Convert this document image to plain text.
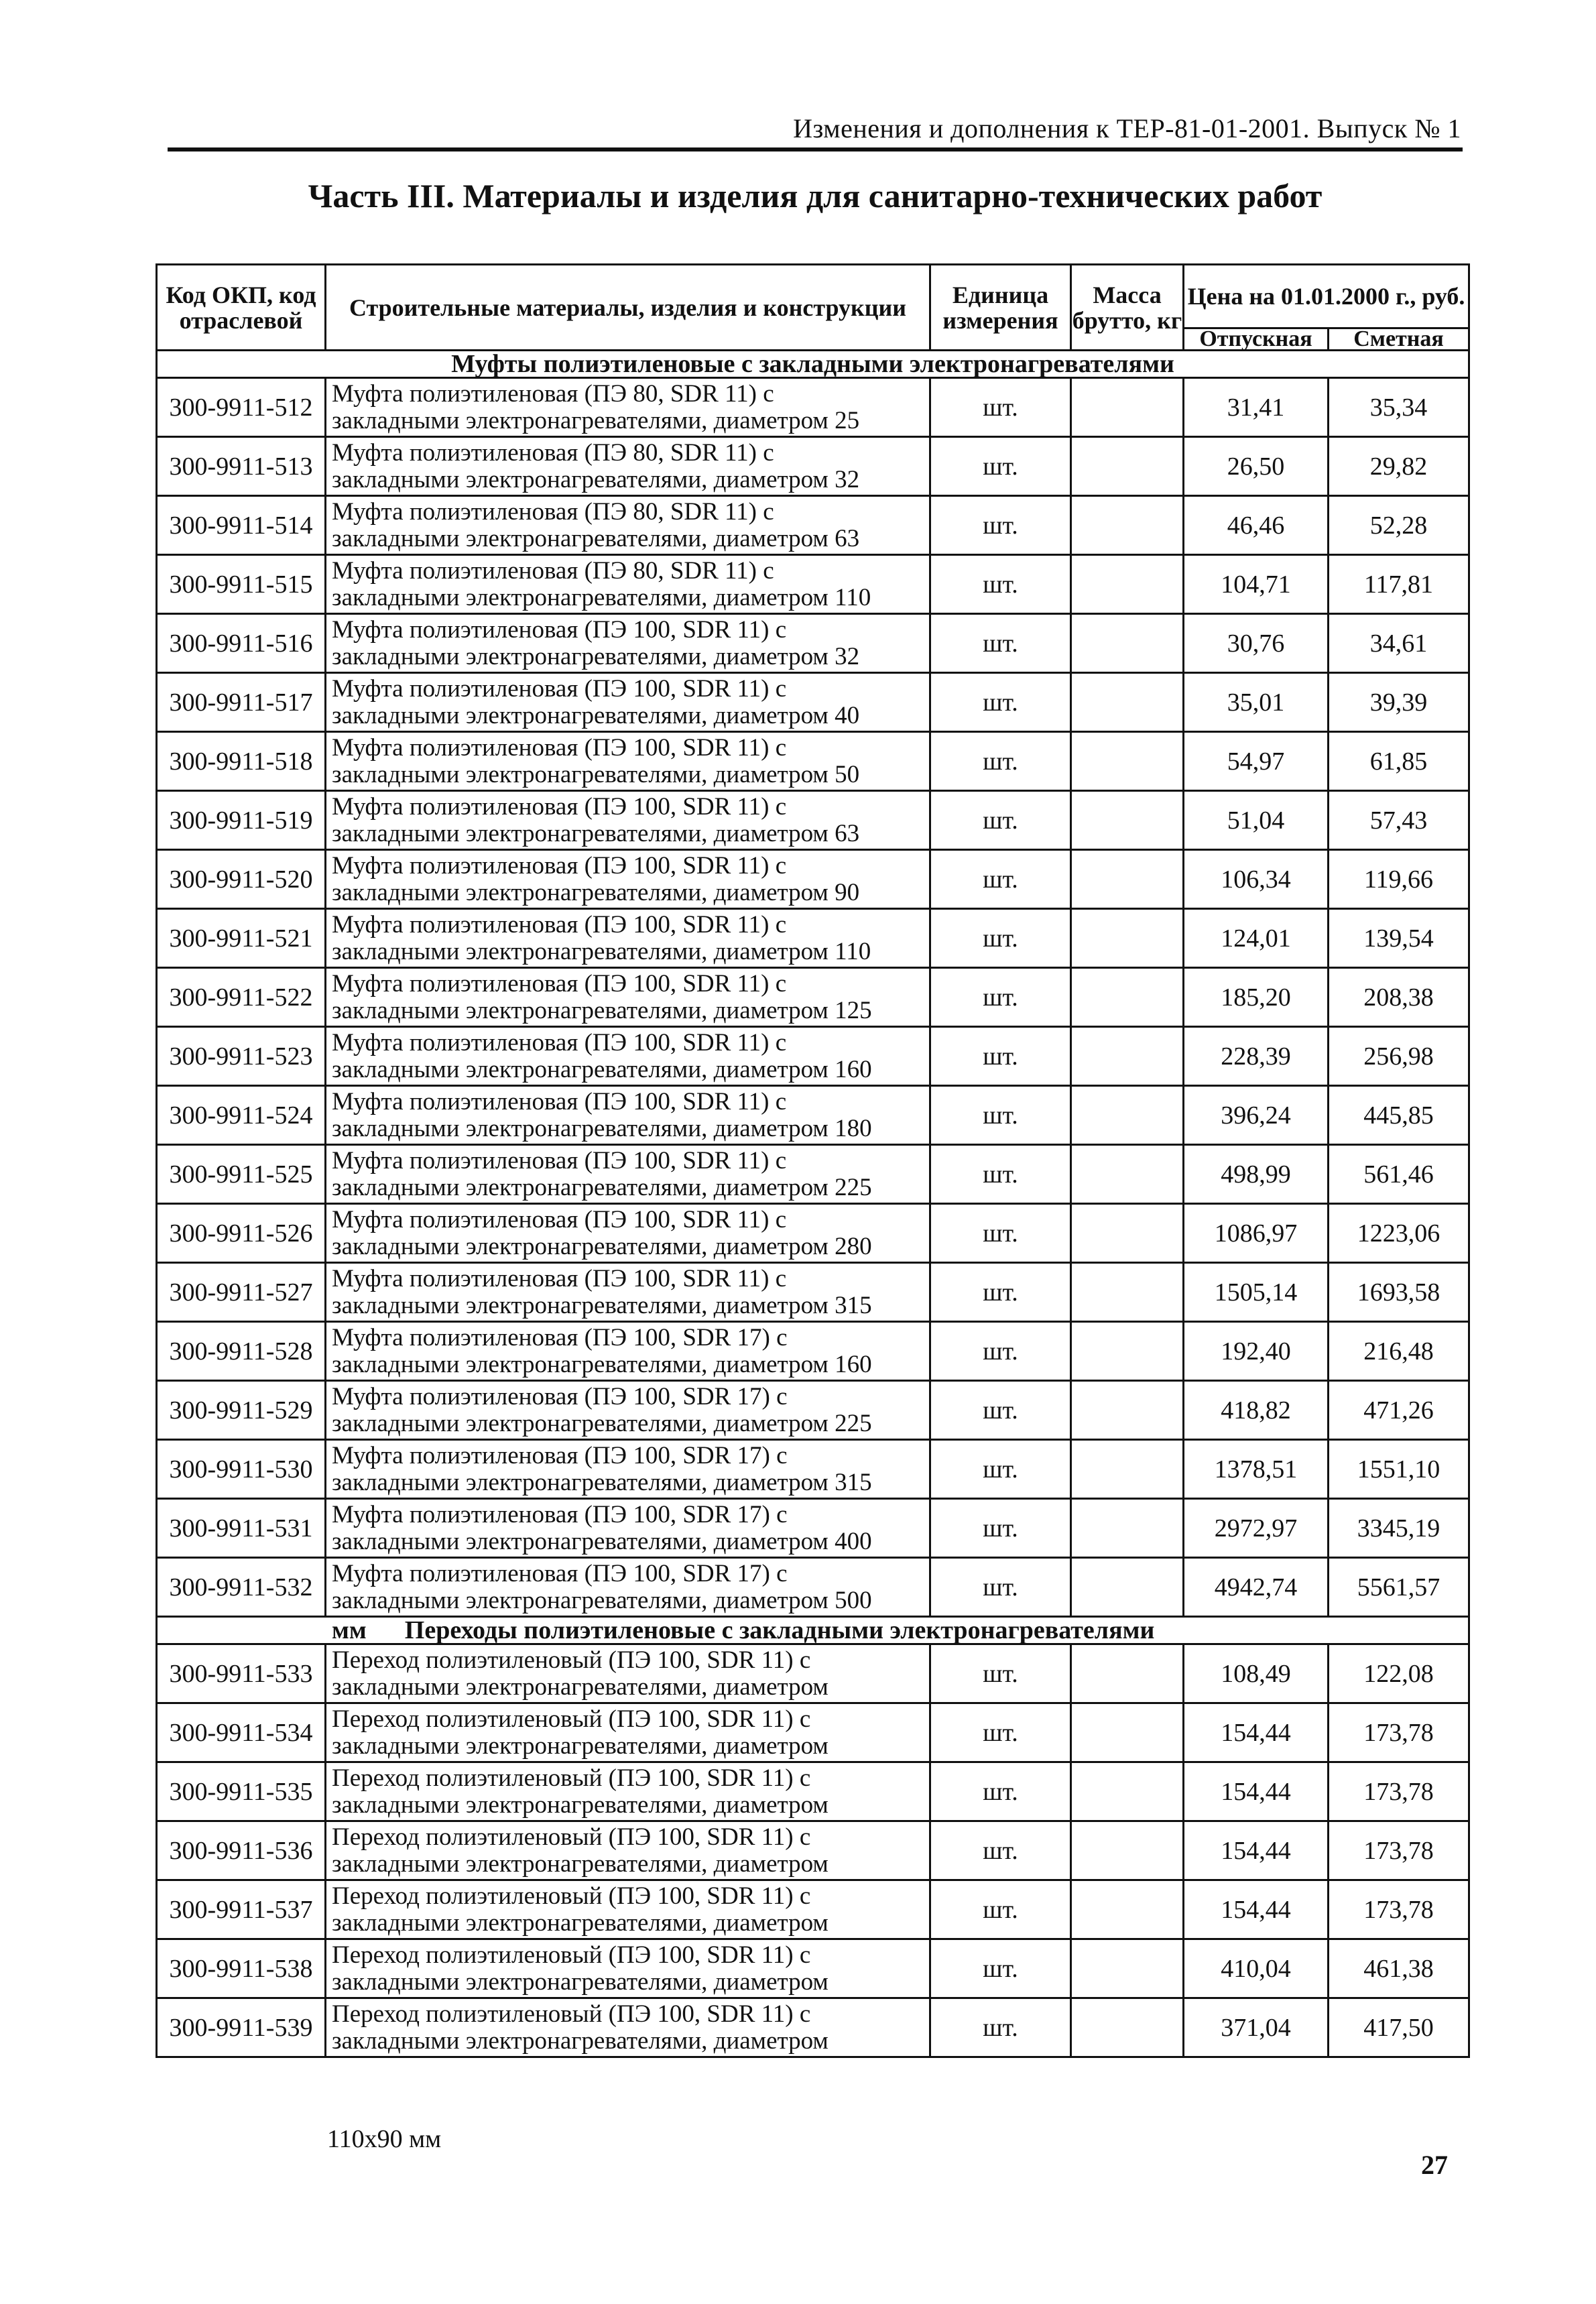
Изменения и дополнения к ТЕР-81-01-2001. Выпуск № 1
Часть III. Материалы и изделия для санитарно-технических работ
Код ОКП, код отраслевой	Строительные материалы, изделия и конструкции	Единица измерения	Масса брутто, кг	Цена на 01.01.2000 г., руб.	
				Отпускная	Сметная
Муфты полиэтиленовые с закладными электронагревателями					
300-9911-512	Муфта полиэтиленовая (ПЭ 80, SDR 11) с
закладными электронагревателями, диаметром 25	шт.		31,41	35,34
300-9911-513	Муфта полиэтиленовая (ПЭ 80, SDR 11) с
закладными электронагревателями, диаметром 32	шт.		26,50	29,82
300-9911-514	Муфта полиэтиленовая (ПЭ 80, SDR 11) с
закладными электронагревателями, диаметром 63	шт.		46,46	52,28
300-9911-515	Муфта полиэтиленовая (ПЭ 80, SDR 11) с
закладными электронагревателями, диаметром 110	шт.		104,71	117,81
300-9911-516	Муфта полиэтиленовая (ПЭ 100, SDR 11) с
закладными электронагревателями, диаметром 32	шт.		30,76	34,61
300-9911-517	Муфта полиэтиленовая (ПЭ 100, SDR 11) с
закладными электронагревателями, диаметром 40	шт.		35,01	39,39
300-9911-518	Муфта полиэтиленовая (ПЭ 100, SDR 11) с
закладными электронагревателями, диаметром 50	шт.		54,97	61,85
300-9911-519	Муфта полиэтиленовая (ПЭ 100, SDR 11) с
закладными электронагревателями, диаметром 63	шт.		51,04	57,43
300-9911-520	Муфта полиэтиленовая (ПЭ 100, SDR 11) с
закладными электронагревателями, диаметром 90	шт.		106,34	119,66
300-9911-521	Муфта полиэтиленовая (ПЭ 100, SDR 11) с
закладными электронагревателями, диаметром 110	шт.		124,01	139,54
300-9911-522	Муфта полиэтиленовая (ПЭ 100, SDR 11) с
закладными электронагревателями, диаметром 125	шт.		185,20	208,38
300-9911-523	Муфта полиэтиленовая (ПЭ 100, SDR 11) с
закладными электронагревателями, диаметром 160	шт.		228,39	256,98
300-9911-524	Муфта полиэтиленовая (ПЭ 100, SDR 11) с
закладными электронагревателями, диаметром 180	шт.		396,24	445,85
300-9911-525	Муфта полиэтиленовая (ПЭ 100, SDR 11) с
закладными электронагревателями, диаметром 225	шт.		498,99	561,46
300-9911-526	Муфта полиэтиленовая (ПЭ 100, SDR 11) с
закладными электронагревателями, диаметром 280	шт.		1086,97	1223,06
300-9911-527	Муфта полиэтиленовая (ПЭ 100, SDR 11) с
закладными электронагревателями, диаметром 315	шт.		1505,14	1693,58
300-9911-528	Муфта полиэтиленовая (ПЭ 100, SDR 17) с
закладными электронагревателями, диаметром 160	шт.		192,40	216,48
300-9911-529	Муфта полиэтиленовая (ПЭ 100, SDR 17) с
закладными электронагревателями, диаметром 225	шт.		418,82	471,26
300-9911-530	Муфта полиэтиленовая (ПЭ 100, SDR 17) с
закладными электронагревателями, диаметром 315	шт.		1378,51	1551,10
300-9911-531	Муфта полиэтиленовая (ПЭ 100, SDR 17) с
закладными электронагревателями, диаметром 400	шт.		2972,97	3345,19
300-9911-532	Муфта полиэтиленовая (ПЭ 100, SDR 17) с
закладными электронагревателями, диаметром 500	шт.		4942,74	5561,57
мм Переходы полиэтиленовые с закладными электронагревателями					
300-9911-533	Переход полиэтиленовый (ПЭ 100, SDR 11) с
закладными электронагревателями, диаметром	шт.		108,49	122,08
300-9911-534	Переход полиэтиленовый (ПЭ 100, SDR 11) с
закладными электронагревателями, диаметром	шт.		154,44	173,78
300-9911-535	Переход полиэтиленовый (ПЭ 100, SDR 11) с
закладными электронагревателями, диаметром	шт.		154,44	173,78
300-9911-536	Переход полиэтиленовый (ПЭ 100, SDR 11) с
закладными электронагревателями, диаметром	шт.		154,44	173,78
300-9911-537	Переход полиэтиленовый (ПЭ 100, SDR 11) с
закладными электронагревателями, диаметром	шт.		154,44	173,78
300-9911-538	Переход полиэтиленовый (ПЭ 100, SDR 11) с
закладными электронагревателями, диаметром	шт.		410,04	461,38
300-9911-539	Переход полиэтиленовый (ПЭ 100, SDR 11) с
закладными электронагревателями, диаметром	шт.		371,04	417,50
110x90 мм
27
